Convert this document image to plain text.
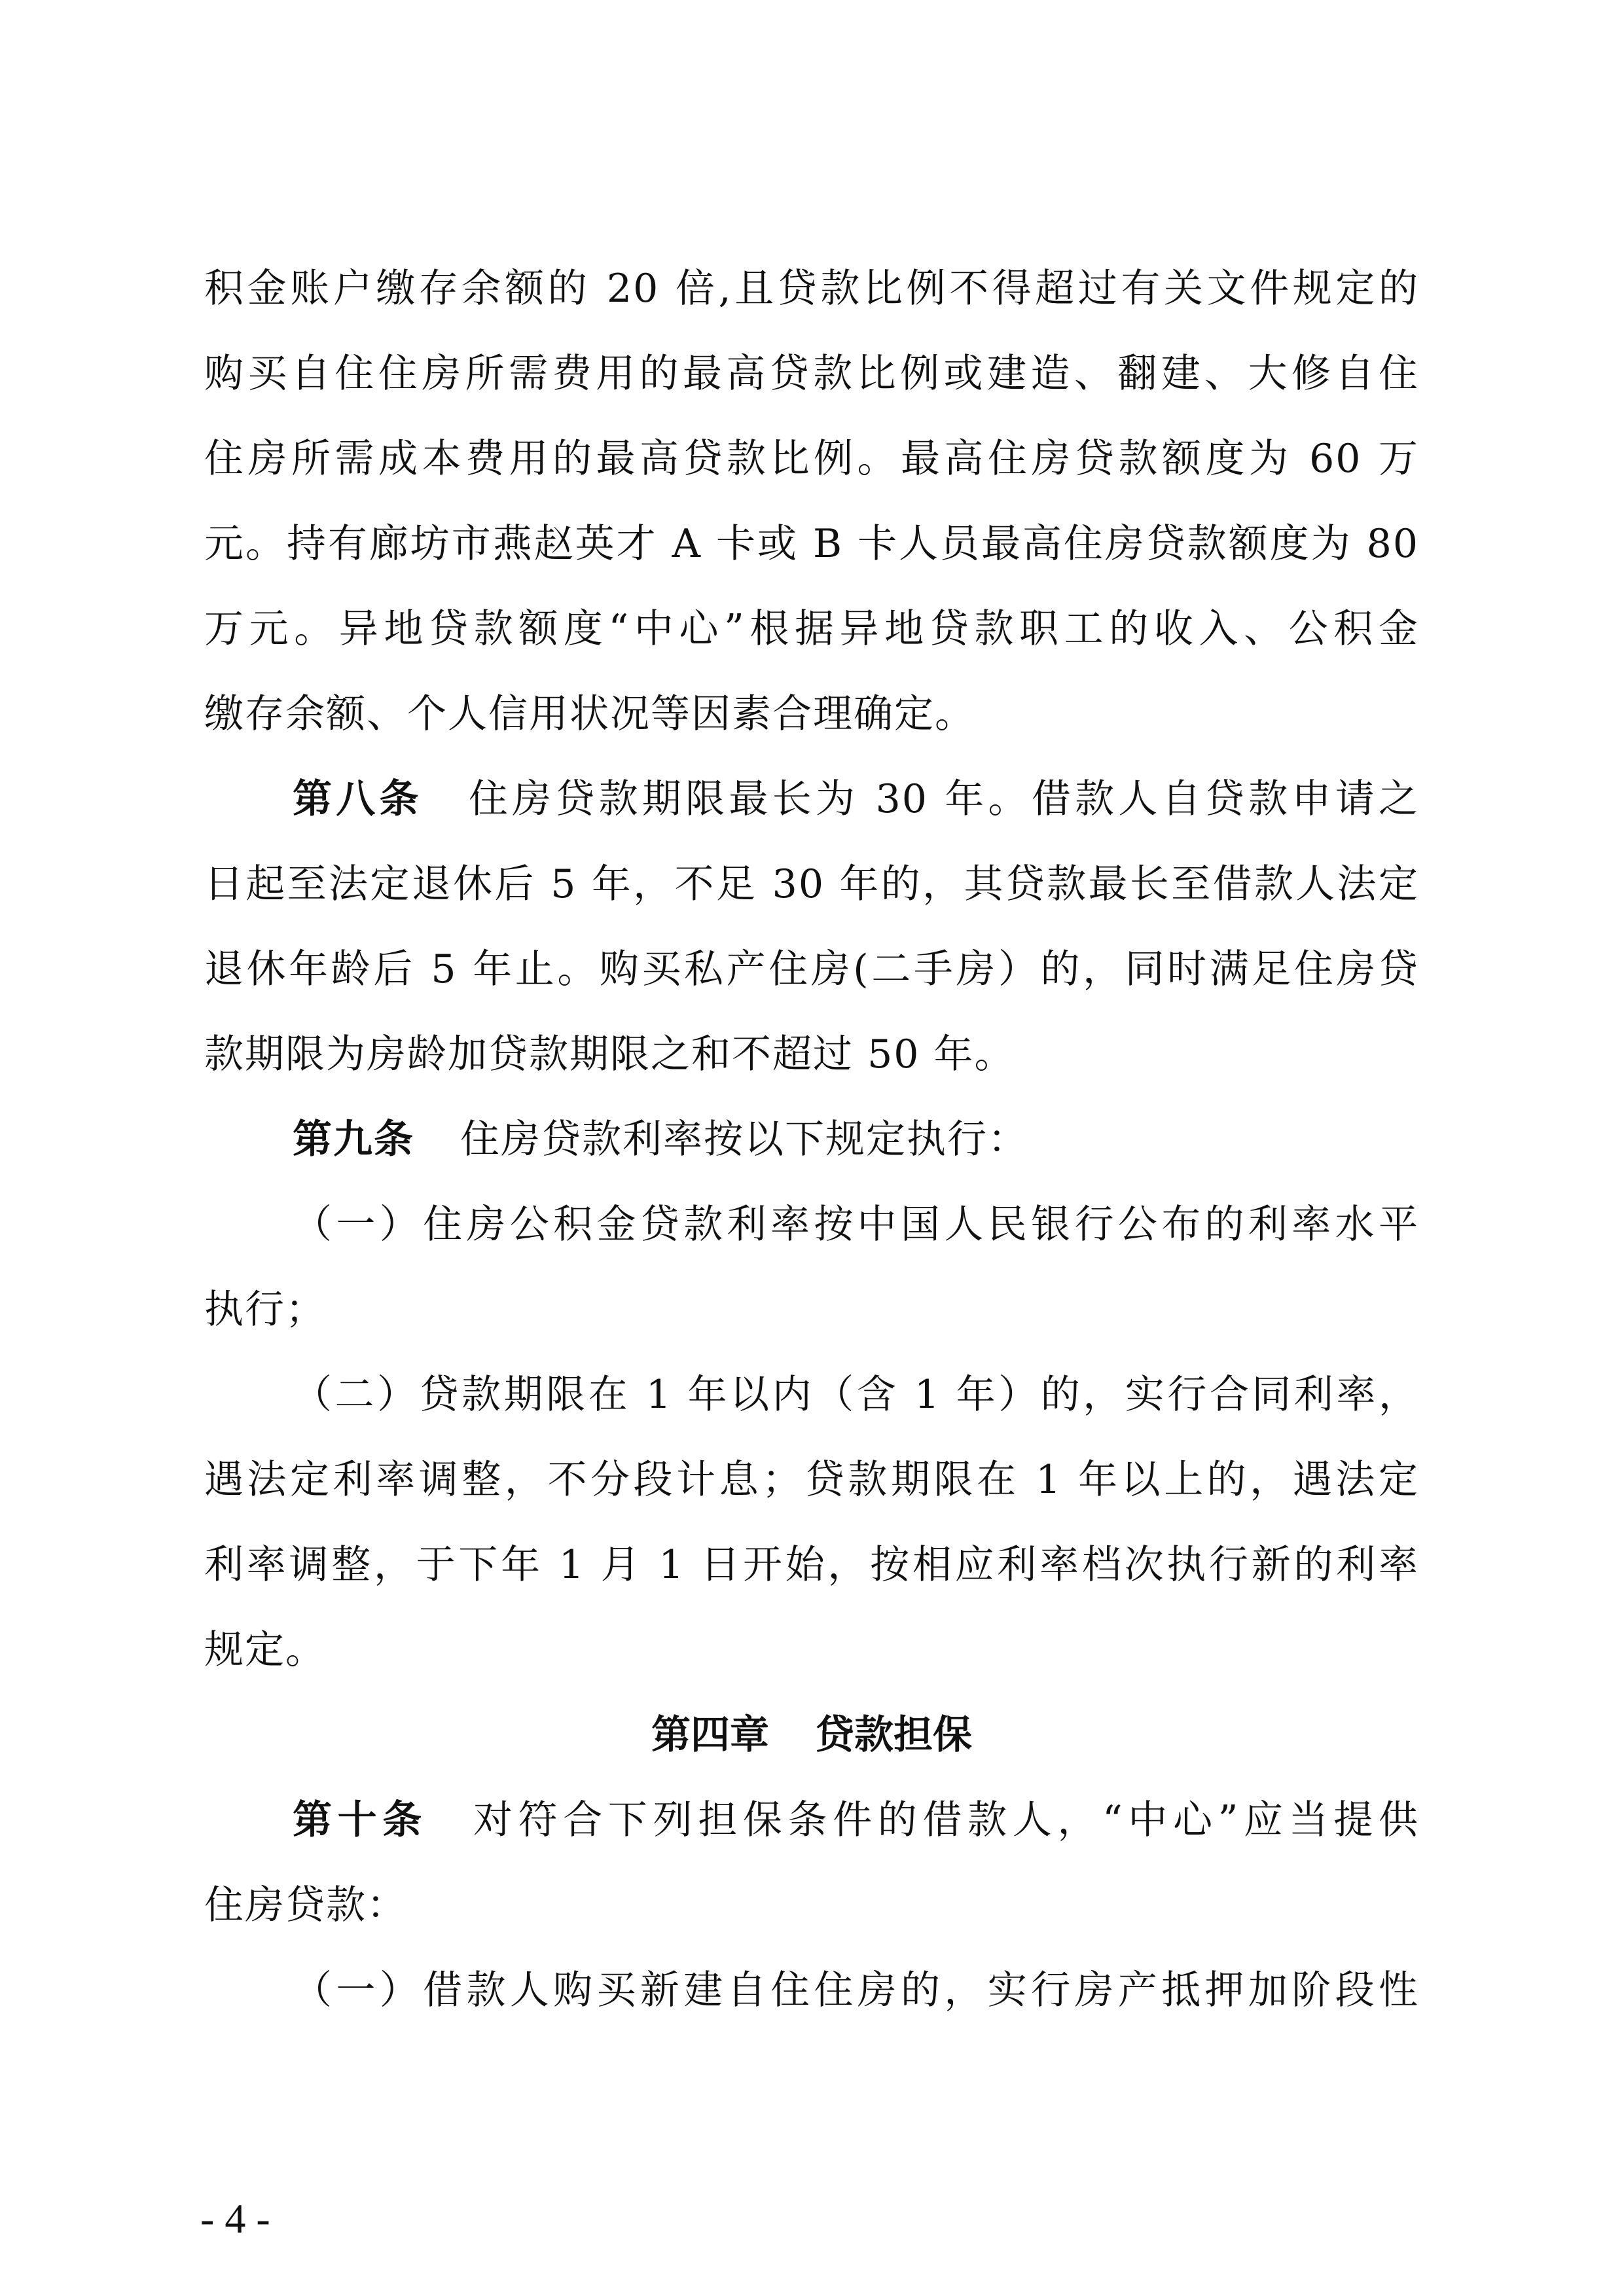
积金账户缴存余额的 20 倍,且贷款比例不得超过有关文件规定的
购买自住住房所需费用的最高贷款比例或建造、翻建、大修自住
住房所需成本费用的最高贷款比例。最高住房贷款额度为 60 万
元。持有廊坊市燕赵英才 A 卡或 B 卡人员最高住房贷款额度为 80
万元。异地贷款额度“中心”根据异地贷款职工的收入、公积金
缴存余额、个人信用状况等因素合理确定。
第八条 住房贷款期限最长为 30 年。借款人自贷款申请之
日起至法定退休后 5 年，不足 30 年的，其贷款最长至借款人法定
退休年龄后 5 年止。购买私产住房(二手房）的，同时满足住房贷
款期限为房龄加贷款期限之和不超过 50 年。
第九条 住房贷款利率按以下规定执行：
（一）住房公积金贷款利率按中国人民银行公布的利率水平
执行；
（二）贷款期限在 1 年以内（含 1 年）的，实行合同利率，
遇法定利率调整，不分段计息；贷款期限在 1 年以上的，遇法定
利率调整，于下年 1 月 1 日开始，按相应利率档次执行新的利率
规定。
第四章 贷款担保
第十条 对符合下列担保条件的借款人，“中心”应当提供
住房贷款：
（一）借款人购买新建自住住房的，实行房产抵押加阶段性
- 4 -
